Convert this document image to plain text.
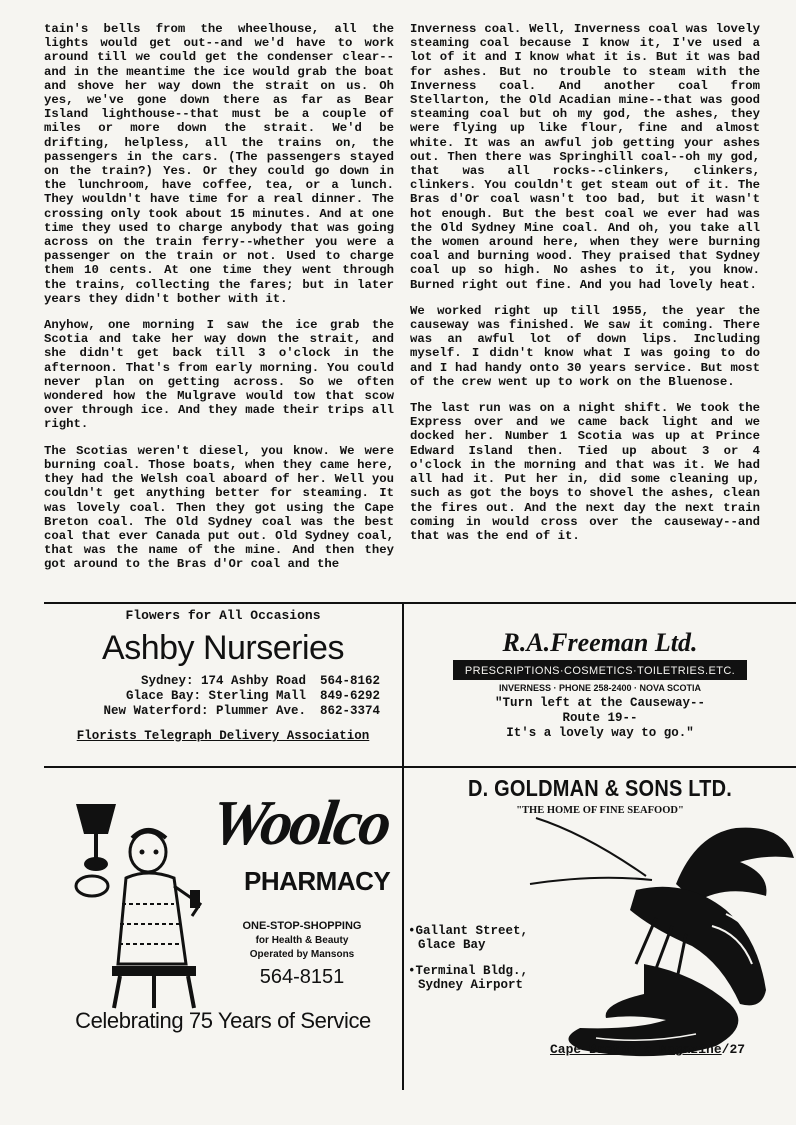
tain's bells from the wheelhouse, all the lights would get out--and we'd have to work around till we could get the condenser clear--and in the meantime the ice would grab the boat and shove her way down the strait on us. Oh yes, we've gone down there as far as Bear Island lighthouse--that must be a couple of miles or more down the strait. We'd be drifting, helpless, all the trains on, the passengers in the cars. (The passengers stayed on the train?) Yes. Or they could go down in the lunchroom, have coffee, tea, or a lunch. They wouldn't have time for a real dinner. The crossing only took about 15 minutes. And at one time they used to charge anybody that was going across on the train ferry--whether you were a passenger on the train or not. Used to charge them 10 cents. At one time they went through the trains, collecting the fares; but in later years they didn't bother with it.

Anyhow, one morning I saw the ice grab the Scotia and take her way down the strait, and she didn't get back till 3 o'clock in the afternoon. That's from early morning. You could never plan on getting across. So we often wondered how the Mulgrave would tow that scow over through ice. And they made their trips all right.

The Scotias weren't diesel, you know. We were burning coal. Those boats, when they came here, they had the Welsh coal aboard of her. Well you couldn't get anything better for steaming. It was lovely coal. Then they got using the Cape Breton coal. The Old Sydney coal was the best coal that ever Canada put out. Old Sydney coal, that was the name of the mine. And then they got around to the Bras d'Or coal and the

Inverness coal. Well, Inverness coal was lovely steaming coal because I know it, I've used a lot of it and I know what it is. But it was bad for ashes. But no trouble to steam with the Inverness coal. And another coal from Stellarton, the Old Acadian mine--that was good steaming coal but oh my god, the ashes, they were flying up like flour, fine and almost white. It was an awful job getting your ashes out. Then there was Springhill coal--oh my god, that was all rocks--clinkers, clinkers, clinkers. You couldn't get steam out of it. The Bras d'Or coal wasn't too bad, but it wasn't hot enough. But the best coal we ever had was the Old Sydney Mine coal. And oh, you take all the women around here, when they were burning coal and burning wood. They praised that Sydney coal up so high. No ashes to it, you know. Burned right out fine. And you had lovely heat.

We worked right up till 1955, the year the causeway was finished. We saw it coming. There was an awful lot of down lips. Including myself. I didn't know what I was going to do and I had handy onto 30 years service. But most of the crew went up to work on the Bluenose.

The last run was on a night shift. We took the Express over and we came back light and we docked her. Number 1 Scotia was up at Prince Edward Island then. Tied up about 3 or 4 o'clock in the morning and that was it. We had all had it. Put her in, did some cleaning up, such as got the boys to shovel the ashes, clean the fires out. And the next day the next train coming in would cross over the causeway--and that was the end of it.

Flowers for All Occasions
Ashby Nurseries
Sydney: 174 Ashby Road	564-8162
Glace Bay: Sterling Mall	849-6292
New Waterford: Plummer Ave.	862-3374
Florists Telegraph Delivery Association
R.A.Freeman Ltd.
PRESCRIPTIONS·COSMETICS·TOILETRIES.ETC.
INVERNESS · PHONE 258-2400 · NOVA SCOTIA
"Turn left at the Causeway--
Route 19--
It's a lovely way to go."
Woolco
PHARMACY
ONE-STOP-SHOPPING
for Health & Beauty
Operated by Mansons
564-8151
Celebrating 75 Years of Service
D. GOLDMAN & SONS LTD.
"THE HOME OF FINE SEAFOOD"
•Gallant Street,
Glace Bay
•Terminal Bldg.,
Sydney Airport
Cape Breton's Magazine/27
